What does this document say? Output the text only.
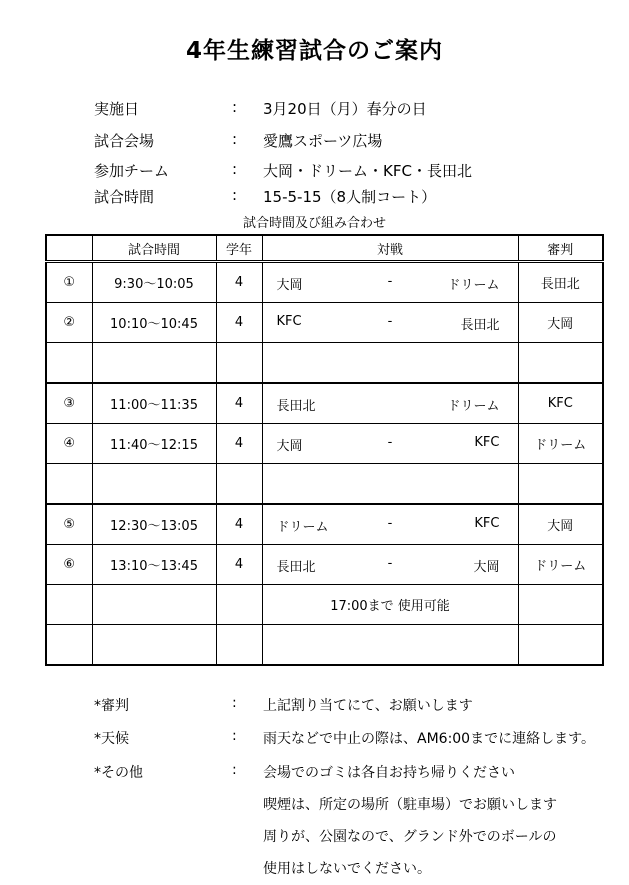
4年生練習試合のご案内
実施日	: 3月20日（月）春分の日
試合会場	: 愛鷹スポーツ広場
参加チーム	: 大岡・ドリーム・KFC・長田北
試合時間	: 15-5-15（8人制コート）
試合時間及び組み合わせ
	試合時間	学年	対戦	審判
①	9:30～10:05	4	大岡 - ドリーム	長田北
②	10:10～10:45	4	KFC - 長田北	大岡

③	11:00～11:35	4	長田北 ドリーム	KFC
④	11:40～12:15	4	大岡 - KFC	ドリーム

⑤	12:30～13:05	4	ドリーム - KFC	大岡
⑥	13:10～13:45	4	長田北 - 大岡	ドリーム
			17:00まで 使用可能	

*審判	: 上記割り当てにて、お願いします
*天候	: 雨天などで中止の際は、AM6:00までに連絡します。
*その他	: 会場でのゴミは各自お持ち帰りください
喫煙は、所定の場所（駐車場）でお願いします
周りが、公園なので、グランド外でのボールの
使用はしないでください。
